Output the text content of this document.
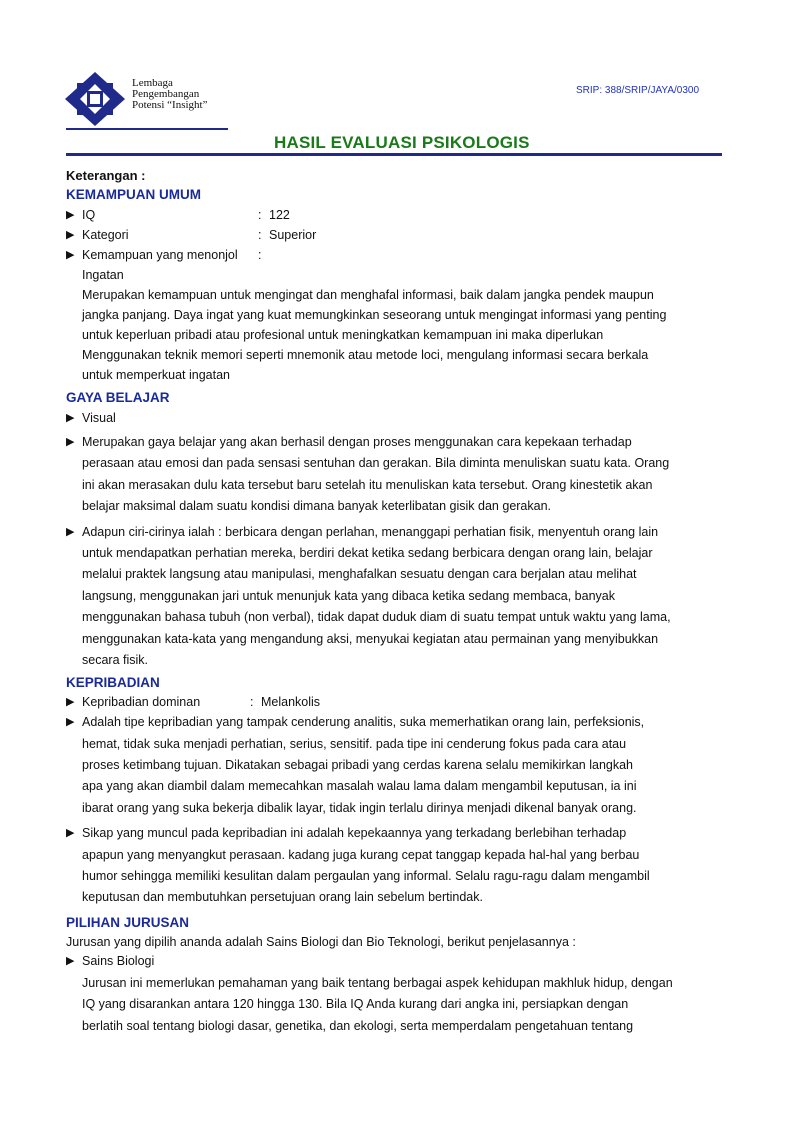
Lembaga
Pengembangan
Potensi “Insight”
SRIP: 388/SRIP/JAYA/0300
HASIL EVALUASI PSIKOLOGIS
Keterangan :
KEMAMPUAN UMUM
▶ IQ	: 122
▶ Kategori	: Superior
▶ Kemampuan yang menonjol :
Ingatan
Merupakan kemampuan untuk mengingat dan menghafal informasi, baik dalam jangka pendek maupun
jangka panjang. Daya ingat yang kuat memungkinkan seseorang untuk mengingat informasi yang penting
untuk keperluan pribadi atau profesional untuk meningkatkan kemampuan ini maka diperlukan
Menggunakan teknik memori seperti mnemonik atau metode loci, mengulang informasi secara berkala
untuk memperkuat ingatan
GAYA BELAJAR
▶ Visual
▶ Merupakan gaya belajar yang akan berhasil dengan proses menggunakan cara kepekaan terhadap
perasaan atau emosi dan pada sensasi sentuhan dan gerakan. Bila diminta menuliskan suatu kata. Orang
ini akan merasakan dulu kata tersebut baru setelah itu menuliskan kata tersebut. Orang kinestetik akan
belajar maksimal dalam suatu kondisi dimana banyak keterlibatan gisik dan gerakan.
▶ Adapun ciri-cirinya ialah : berbicara dengan perlahan, menanggapi perhatian fisik, menyentuh orang lain
untuk mendapatkan perhatian mereka, berdiri dekat ketika sedang berbicara dengan orang lain, belajar
melalui praktek langsung atau manipulasi, menghafalkan sesuatu dengan cara berjalan atau melihat
langsung, menggunakan jari untuk menunjuk kata yang dibaca ketika sedang membaca, banyak
menggunakan bahasa tubuh (non verbal), tidak dapat duduk diam di suatu tempat untuk waktu yang lama,
menggunakan kata-kata yang mengandung aksi, menyukai kegiatan atau permainan yang menyibukkan
secara fisik.
KEPRIBADIAN
▶ Kepribadian dominan	: Melankolis
▶ Adalah tipe kepribadian yang tampak cenderung analitis, suka memerhatikan orang lain, perfeksionis,
hemat, tidak suka menjadi perhatian, serius, sensitif. pada tipe ini cenderung fokus pada cara atau
proses ketimbang tujuan. Dikatakan sebagai pribadi yang cerdas karena selalu memikirkan langkah
apa yang akan diambil dalam memecahkan masalah walau lama dalam mengambil keputusan, ia ini
ibarat orang yang suka bekerja dibalik layar, tidak ingin terlalu dirinya menjadi dikenal banyak orang.
▶ Sikap yang muncul pada kepribadian ini adalah kepekaannya yang terkadang berlebihan terhadap
apapun yang menyangkut perasaan. kadang juga kurang cepat tanggap kepada hal-hal yang berbau
humor sehingga memiliki kesulitan dalam pergaulan yang informal. Selalu ragu-ragu dalam mengambil
keputusan dan membutuhkan persetujuan orang lain sebelum bertindak.
PILIHAN JURUSAN
Jurusan yang dipilih ananda adalah Sains Biologi dan Bio Teknologi, berikut penjelasannya :
▶ Sains Biologi
Jurusan ini memerlukan pemahaman yang baik tentang berbagai aspek kehidupan makhluk hidup, dengan
IQ yang disarankan antara 120 hingga 130. Bila IQ Anda kurang dari angka ini, persiapkan dengan
berlatih soal tentang biologi dasar, genetika, dan ekologi, serta memperdalam pengetahuan tentang
